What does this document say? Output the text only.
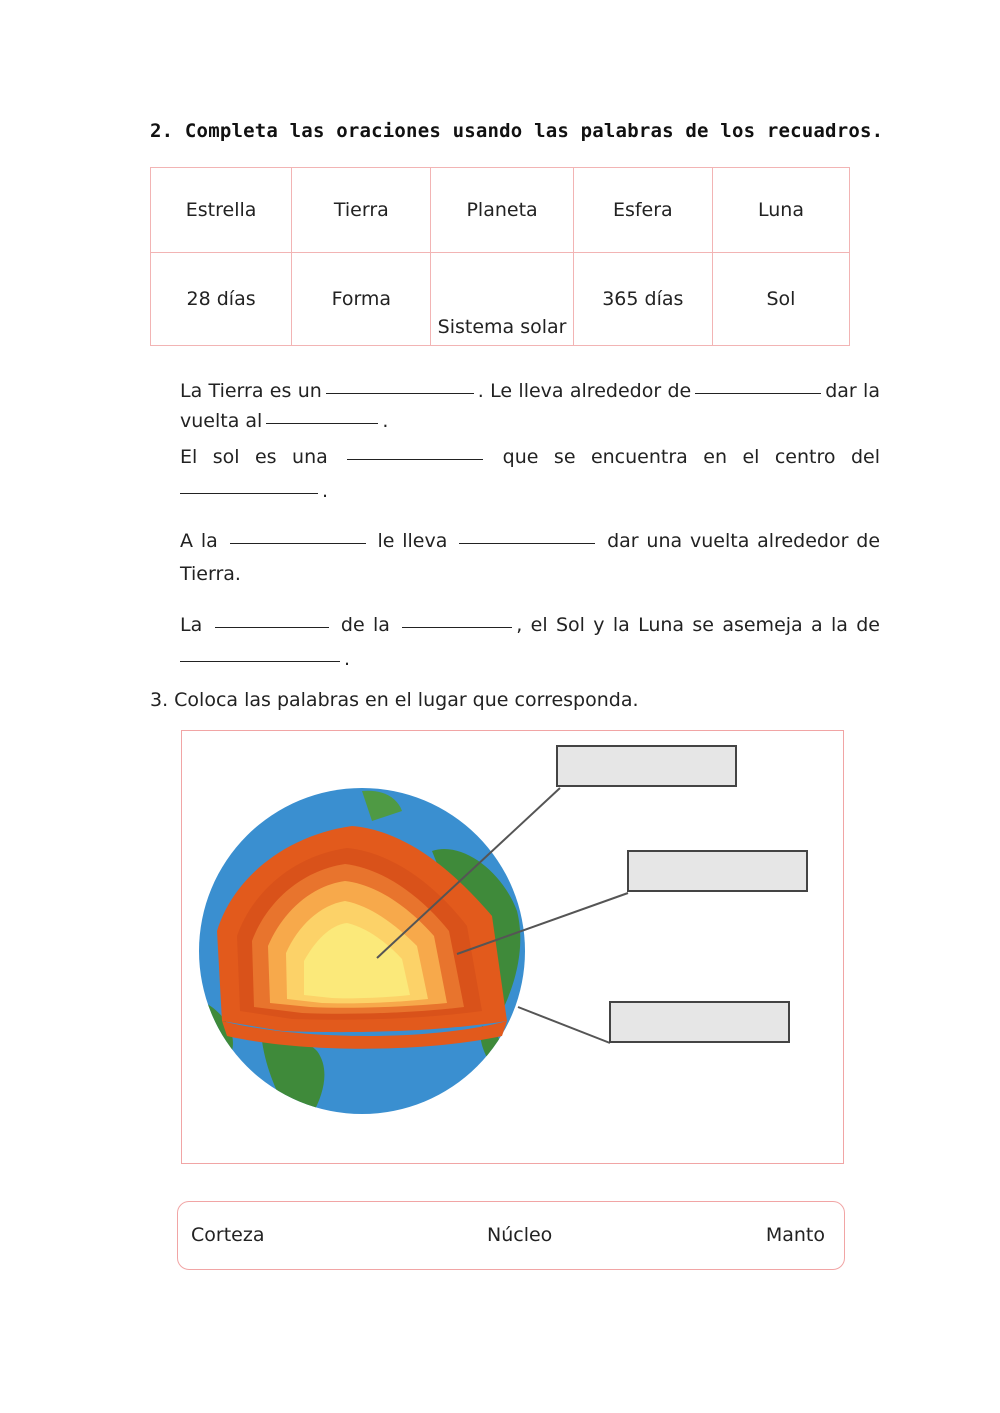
2. Completa las oraciones usando las palabras de los recuadros.
Estrella	Tierra	Planeta	Esfera	Luna
28 días	Forma	Sistema solar	365 días	Sol
La Tierra es un	. Le lleva alrededor de	dar la vuelta al	.
El sol es una	que se encuentra en el centro del
.
A la	le lleva	dar una vuelta alrededor de
Tierra.
La	de la	, el Sol y la Luna se asemeja a la de
.
3. Coloca las palabras en el lugar que corresponda.
Corteza	Núcleo	Manto
